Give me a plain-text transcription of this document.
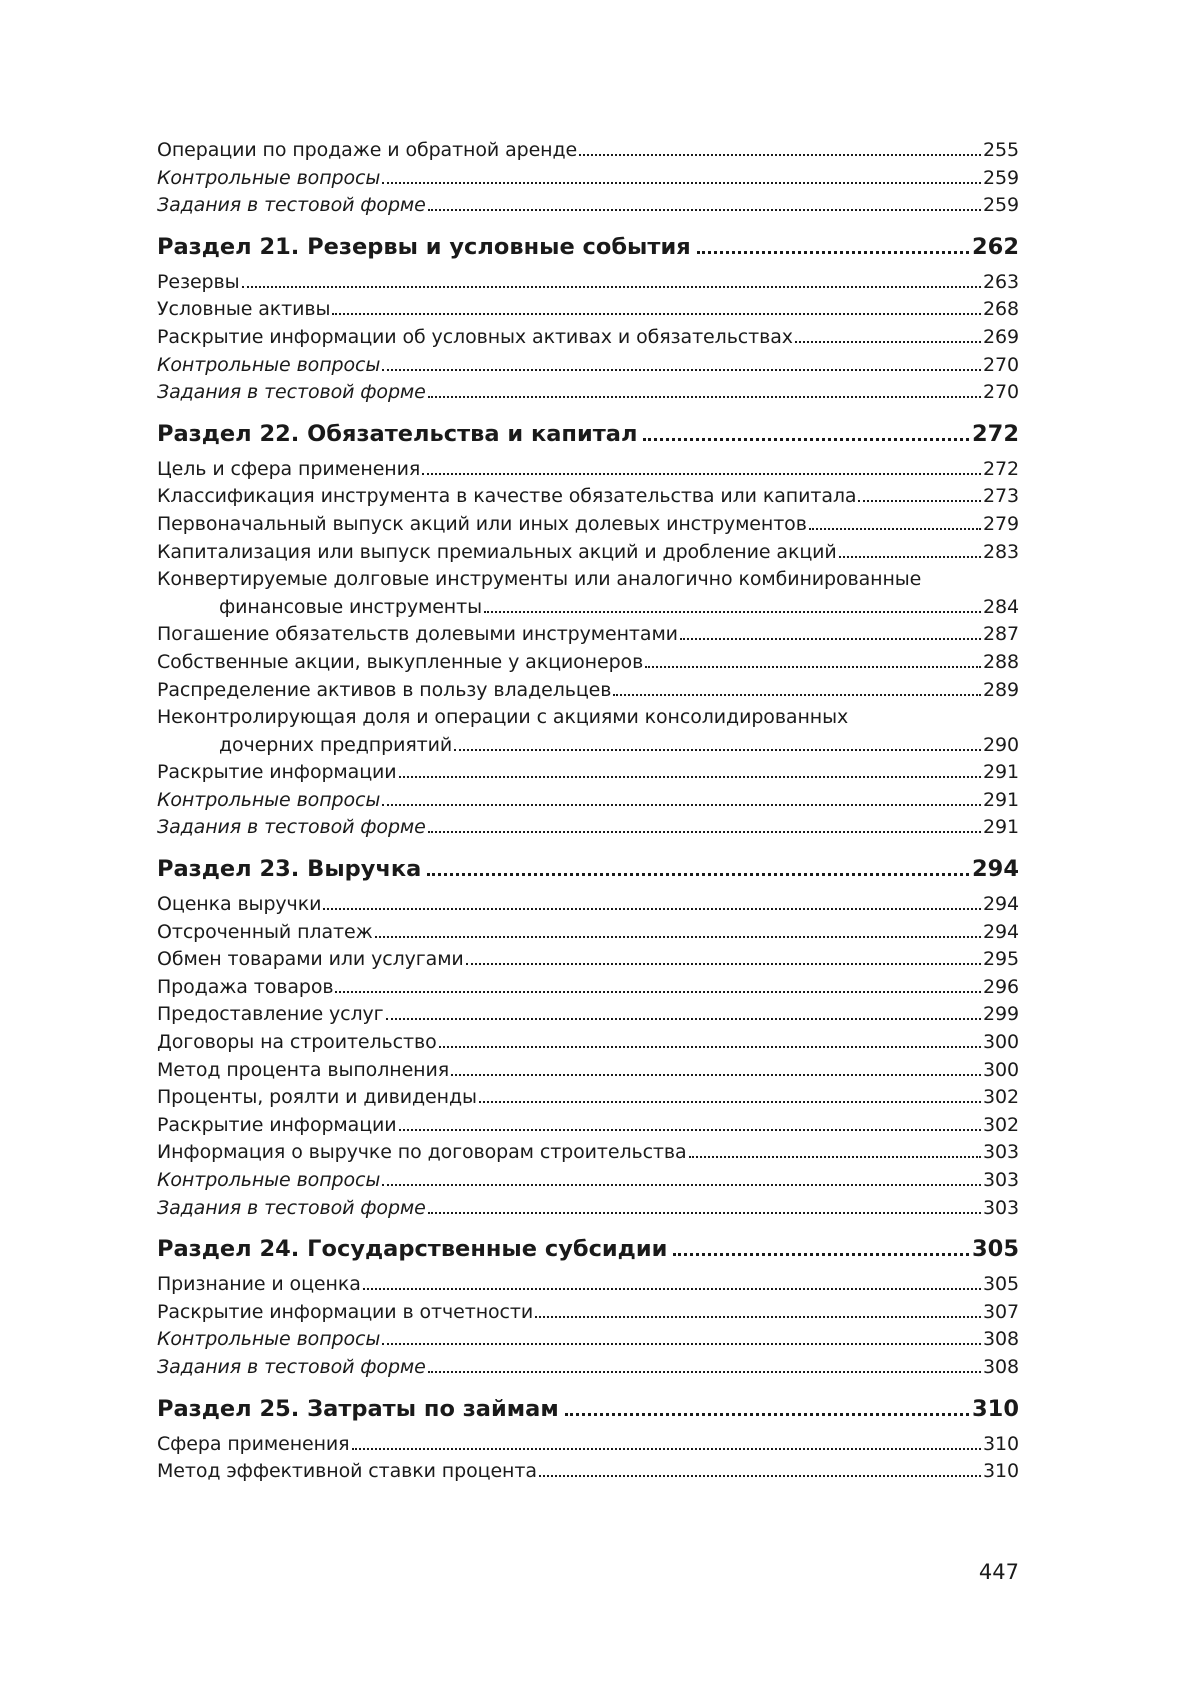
Операции по продаже и обратной аренде	255
Контрольные вопросы	259
Задания в тестовой форме	259
Раздел 21. Резервы и условные события	262
Резервы	263
Условные активы	268
Раскрытие информации об условных активах и обязательствах	269
Контрольные вопросы	270
Задания в тестовой форме	270
Раздел 22. Обязательства и капитал	272
Цель и сфера применения	272
Классификация инструмента в качестве обязательства или капитала	273
Первоначальный выпуск акций или иных долевых инструментов	279
Капитализация или выпуск премиальных акций и дробление акций	283
Конвертируемые долговые инструменты или аналогично комбинированные
финансовые инструменты	284
Погашение обязательств долевыми инструментами	287
Собственные акции, выкупленные у акционеров	288
Распределение активов в пользу владельцев	289
Неконтролирующая доля и операции с акциями консолидированных
дочерних предприятий	290
Раскрытие информации	291
Контрольные вопросы	291
Задания в тестовой форме	291
Раздел 23. Выручка	294
Оценка выручки	294
Отсроченный платеж	294
Обмен товарами или услугами	295
Продажа товаров	296
Предоставление услуг	299
Договоры на строительство	300
Метод процента выполнения	300
Проценты, роялти и дивиденды	302
Раскрытие информации	302
Информация о выручке по договорам строительства	303
Контрольные вопросы	303
Задания в тестовой форме	303
Раздел 24. Государственные субсидии	305
Признание и оценка	305
Раскрытие информации в отчетности	307
Контрольные вопросы	308
Задания в тестовой форме	308
Раздел 25. Затраты по займам	310
Сфера применения	310
Метод эффективной ставки процента	310
447
